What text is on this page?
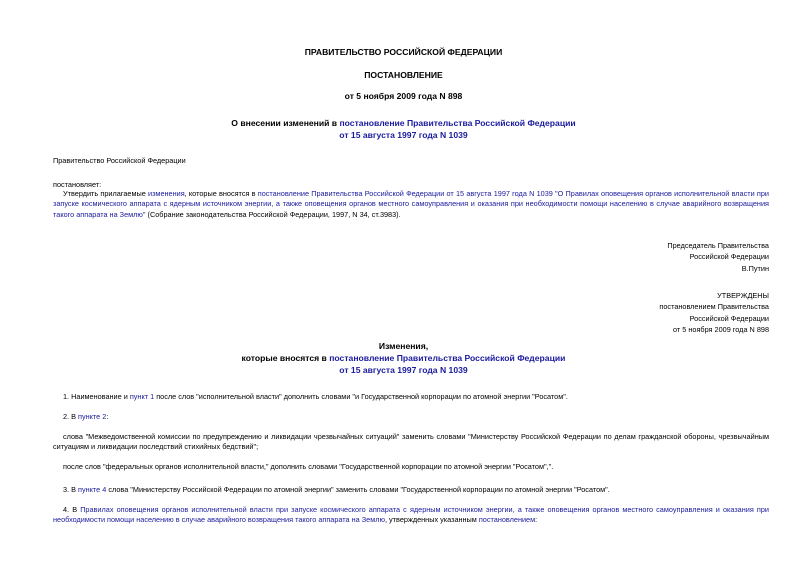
ПРАВИТЕЛЬСТВО РОССИЙСКОЙ ФЕДЕРАЦИИ
ПОСТАНОВЛЕНИЕ
от 5 ноября 2009 года N 898
О внесении изменений в постановление Правительства Российской Федерации
от 15 августа 1997 года N 1039
Правительство Российской Федерации
постановляет:
Утвердить прилагаемые изменения, которые вносятся в постановление Правительства Российской Федерации от 15 августа 1997 года N 1039 "О Правилах оповещения органов исполнительной власти при запуске космического аппарата с ядерным источником энергии, а также оповещения органов местного самоуправления и оказания при необходимости помощи населению в случае аварийного возвращения такого аппарата на Землю" (Собрание законодательства Российской Федерации, 1997, N 34, ст.3983).
Председатель Правительства
Российской Федерации
В.Путин
УТВЕРЖДЕНЫ
постановлением Правительства
Российской Федерации
от 5 ноября 2009 года N 898
Изменения,
которые вносятся в постановление Правительства Российской Федерации
от 15 августа 1997 года N 1039
1. Наименование и пункт 1 после слов "исполнительной власти" дополнить словами "и Государственной корпорации по атомной энергии "Росатом".
2. В пункте 2:
слова "Межведомственной комиссии по предупреждению и ликвидации чрезвычайных ситуаций" заменить словами "Министерству Российской Федерации по делам гражданской обороны, чрезвычайным ситуациям и ликвидации последствий стихийных бедствий";
после слов "федеральных органов исполнительной власти," дополнить словами "Государственной корпорации по атомной энергии "Росатом",".
3. В пункте 4 слова "Министерству Российской Федерации по атомной энергии" заменить словами "Государственной корпорации по атомной энергии "Росатом".
4. В Правилах оповещения органов исполнительной власти при запуске космического аппарата с ядерным источником энергии, а также оповещения органов местного самоуправления и оказания при необходимости помощи населению в случае аварийного возвращения такого аппарата на Землю, утвержденных указанным постановлением:
